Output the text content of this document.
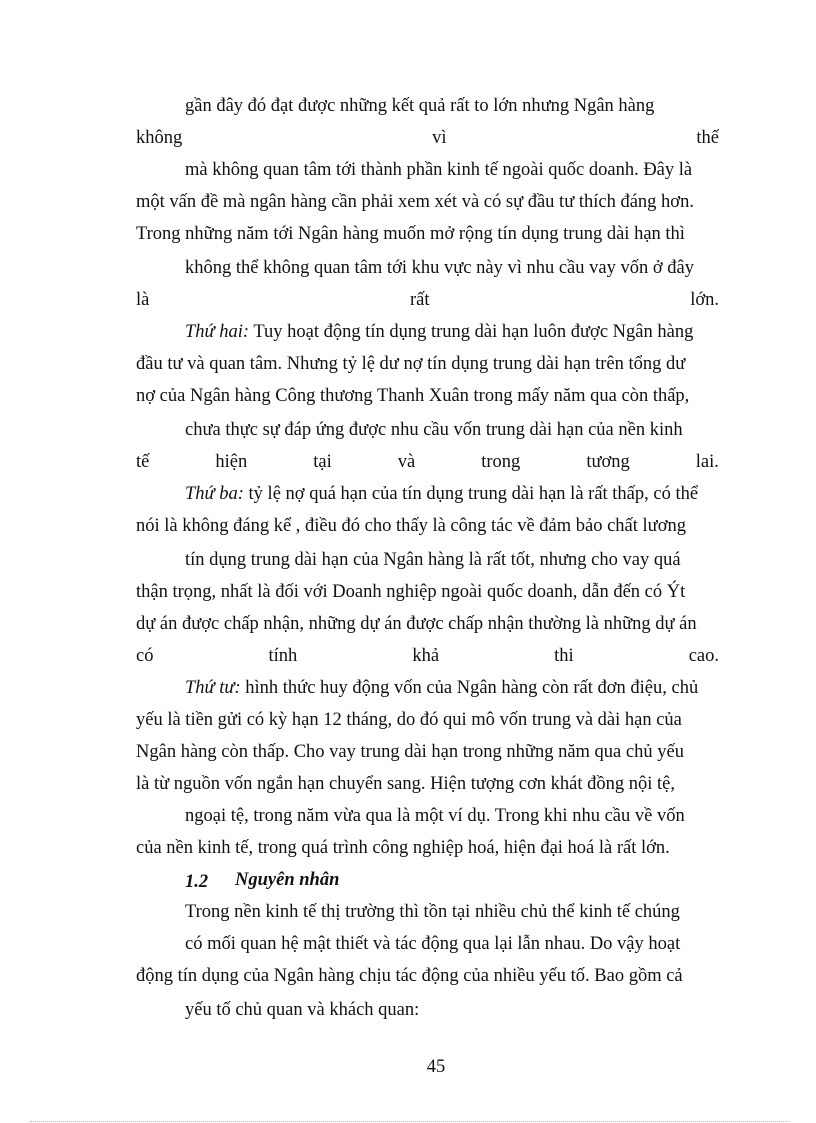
gần đây đó đạt được những kết quả rất to lớn nhưng Ngân hàng
không	vì	thế
mà không quan tâm tới thành phần kinh tế ngoài quốc doanh. Đây là
một vấn đề mà ngân hàng cần phải xem xét và có sự đầu tư thích đáng hơn.
Trong những năm tới Ngân hàng muốn mở rộng tín dụng trung dài hạn thì
không thể không quan tâm tới khu vực này vì nhu cầu vay vốn ở đây
là	rất	lớn.
Thứ hai: Tuy hoạt động tín dụng trung dài hạn luôn được Ngân hàng
đầu tư và quan tâm. Nhưng tỷ lệ dư nợ tín dụng trung dài hạn trên tổng dư
nợ của Ngân hàng Công thương Thanh Xuân trong mấy năm qua còn thấp,
chưa thực sự đáp ứng được nhu cầu vốn trung dài hạn của nền kinh
tế	hiện	tại	và	trong	tương	lai.
Thứ ba: tỷ lệ nợ quá hạn của tín dụng trung dài hạn là rất thấp, có thể
nói là không đáng kể , điều đó cho thấy là công tác về đảm bảo chất lương
tín dụng trung dài hạn của Ngân hàng là rất tốt, nhưng cho vay quá
thận trọng, nhất là đối với Doanh nghiệp ngoài quốc doanh, dẫn đến có Ýt
dự án được chấp nhận, những dự án được chấp nhận thường là những dự án
có	tính	khả	thi	cao.
Thứ tư: hình thức huy động vốn của Ngân hàng còn rất đơn điệu, chủ
yếu là tiền gửi có kỳ hạn 12 tháng, do đó qui mô vốn trung và dài hạn của
Ngân hàng còn thấp. Cho vay trung dài hạn trong những năm qua chủ yếu
là từ nguồn vốn ngắn hạn chuyển sang. Hiện tượng cơn khát đồng nội tệ,
ngoại tệ, trong năm vừa qua là một ví dụ. Trong khi nhu cầu về vốn
của nền kinh tế, trong quá trình công nghiệp hoá, hiện đại hoá là rất lớn.
1.2 Nguyên nhân
Trong nền kinh tế thị trường thì tồn tại nhiều chủ thể kinh tế chúng
có mối quan hệ mật thiết và tác động qua lại lẫn nhau. Do vậy hoạt
động tín dụng của Ngân hàng chịu tác động của nhiều yếu tố. Bao gồm cả
yếu tố chủ quan và khách quan:
45
